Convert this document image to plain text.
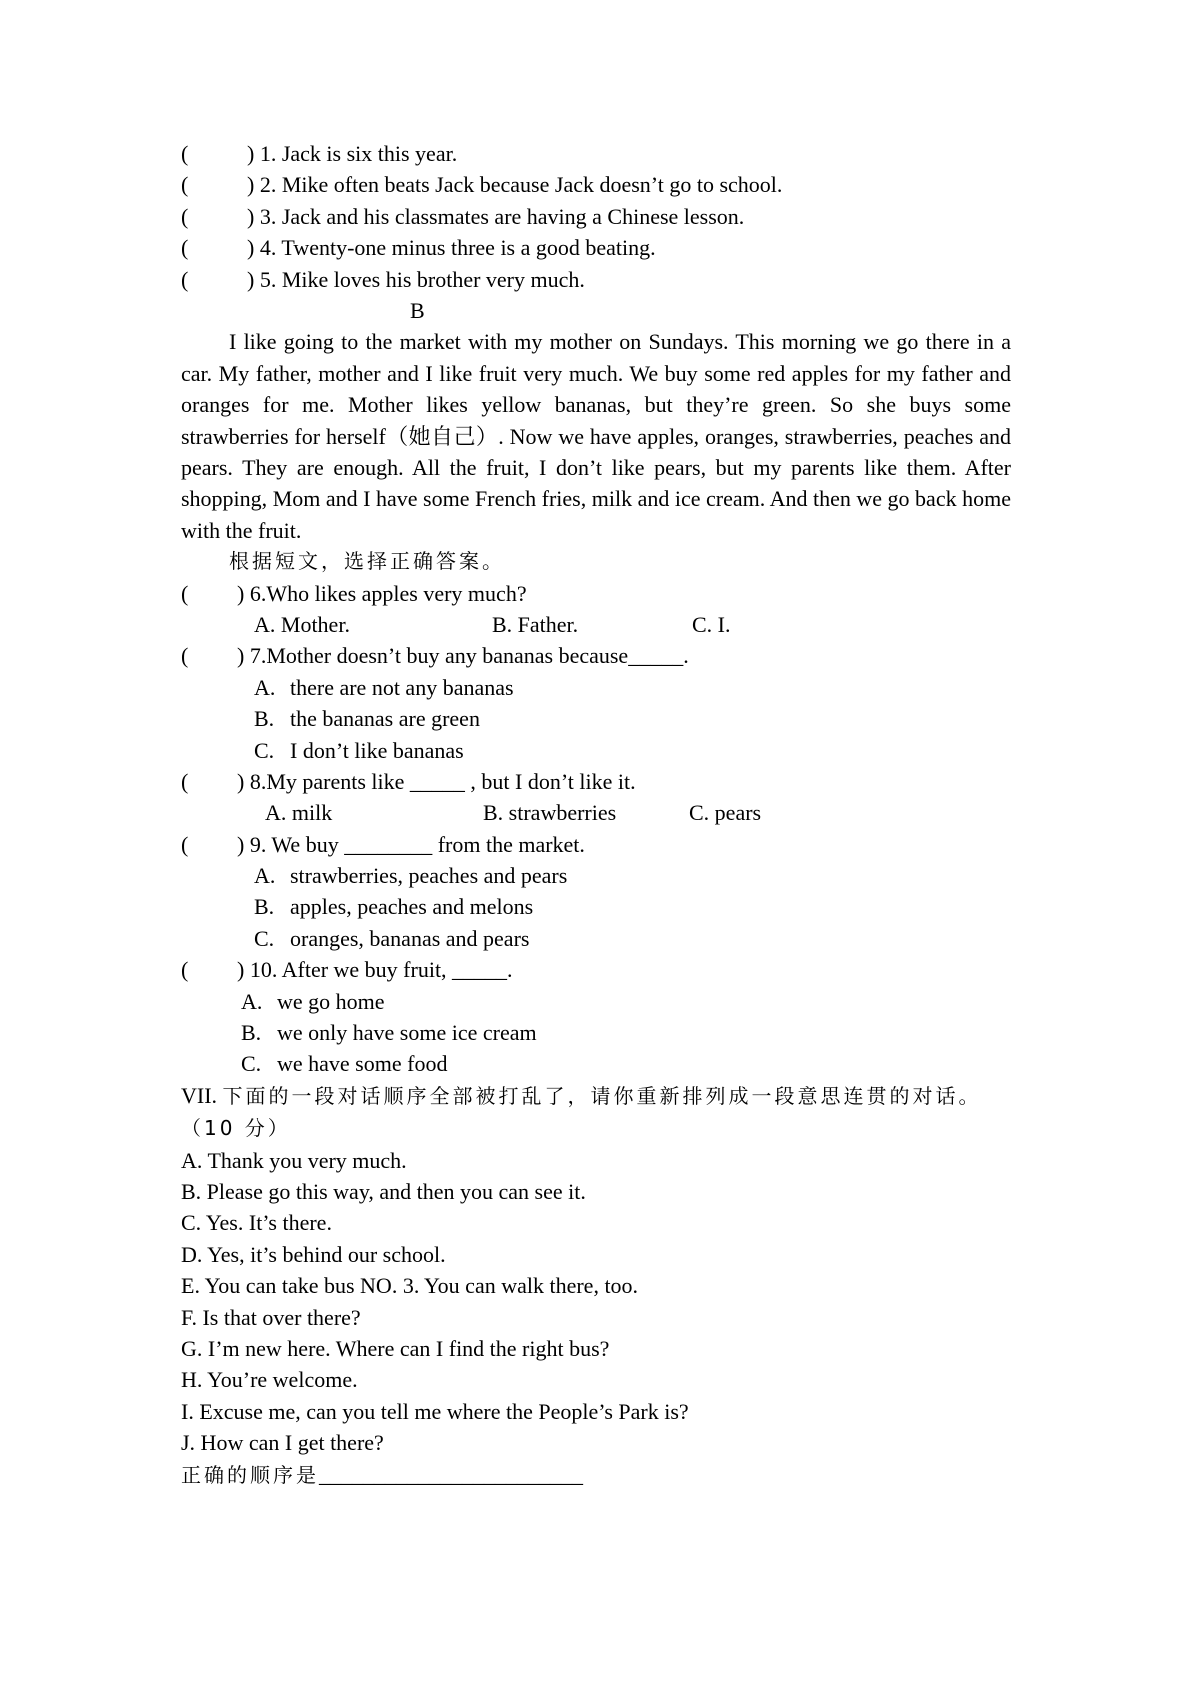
(	) 1. Jack is six this year.
(	) 2. Mike often beats Jack because Jack doesn’t go to school.
(	) 3. Jack and his classmates are having a Chinese lesson.
(	) 4. Twenty-one minus three is a good beating.
(	) 5. Mike loves his brother very much.
B

I like going to the market with my mother on Sundays. This morning we go there in a car. My father, mother and I like fruit very much. We buy some red apples for my father and oranges for me. Mother likes yellow bananas, but they’re green. So she buys some strawberries for herself（她自己）. Now we have apples, oranges, strawberries, peaches and pears. They are enough. All the fruit, I don’t like pears, but my parents like them. After shopping, Mom and I have some French fries, milk and ice cream. And then we go back home with the fruit.

根据短文，选择正确答案。
( ) 6.Who likes apples very much?
A. Mother.	B. Father.	C. I.
( ) 7.Mother doesn’t buy any bananas because_____.
A. there are not any bananas
B. the bananas are green
C. I don’t like bananas
( ) 8.My parents like _____ , but I don’t like it.
A. milk	B. strawberries	C. pears
( ) 9. We buy ________ from the market.
A. strawberries, peaches and pears
B. apples, peaches and melons
C. oranges, bananas and pears
( ) 10. After we buy fruit, _____.
A. we go home
B. we only have some ice cream
C. we have some food
VII. 下面的一段对话顺序全部被打乱了，请你重新排列成一段意思连贯的对话。（10 分）
A. Thank you very much.
B. Please go this way, and then you can see it.
C. Yes. It’s there.
D. Yes, it’s behind our school.
E. You can take bus NO. 3. You can walk there, too.
F. Is that over there?
G. I’m new here. Where can I find the right bus?
H. You’re welcome.
I. Excuse me, can you tell me where the People’s Park is?
J. How can I get there?
正确的顺序是________________________
